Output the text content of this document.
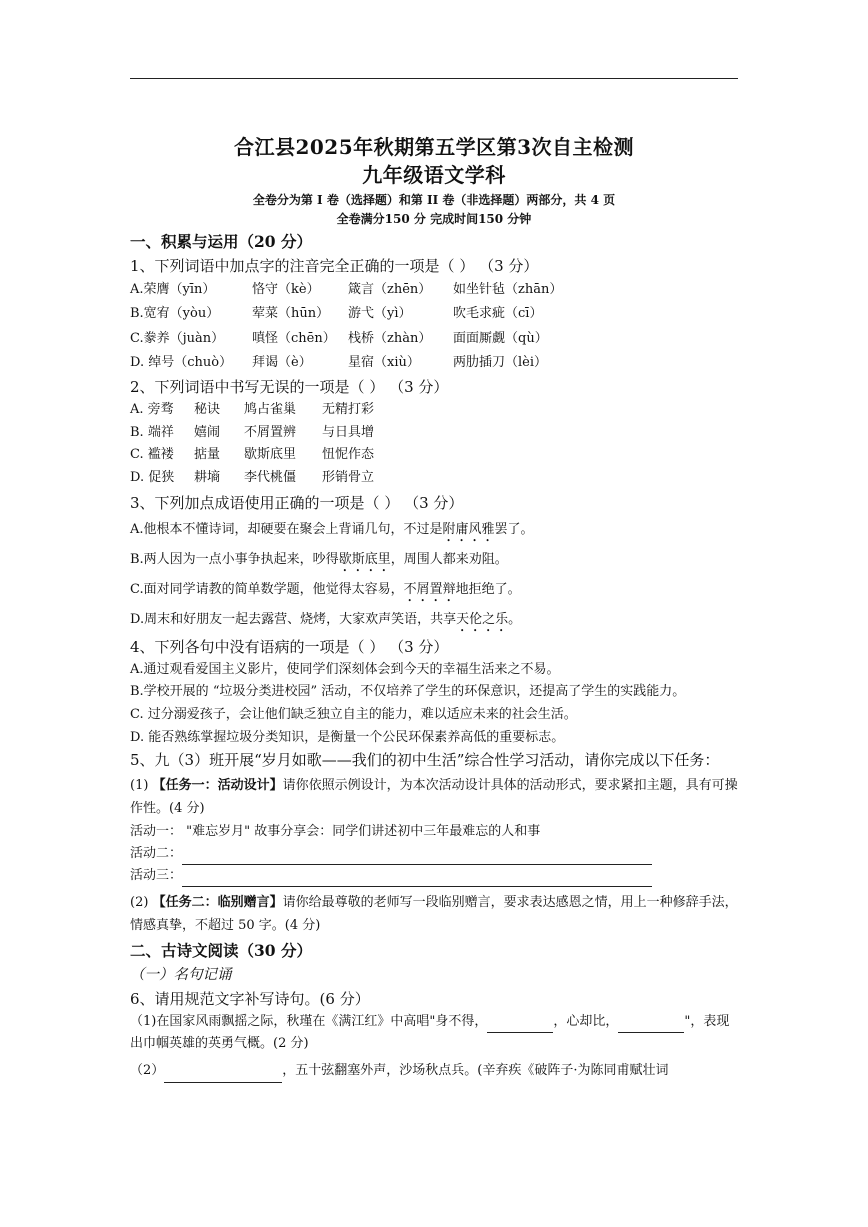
合江县2025年秋期第五学区第3次自主检测
九年级语文学科
全卷分为第 I 卷（选择题）和第 II 卷（非选择题）两部分，共 4 页
全卷满分150 分 完成时间150 分钟
一、积累与运用（20 分）
1、下列词语中加点字的注音完全正确的一项是（ ） （3 分）
A.荣膺（yīn）	恪守（kè） 箴言（zhēn） 如坐针毡（zhān）
B.宽宥（yòu）	荤菜（hūn） 游弋（yì）	吹毛求疵（cī）
C.豢养（juàn） 嗔怪（chēn） 栈桥（zhàn） 面面厮觑（qù）
D. 绰号（chuò） 拜谒（è）	星宿（xiù）	两肋插刀（lèi）
2、下列词语中书写无误的一项是（ ） （3 分）
A. 旁骛 秘诀 鸠占雀巢 无精打彩
B. 端祥 嬉闹 不屑置辨 与日具增
C. 褴褛 掂量 歇斯底里 忸怩作态
D. 促狭 耕墒 李代桃僵 形销骨立
3、下列加点成语使用正确的一项是（ ） （3 分）
A.他根本不懂诗词，却硬要在聚会上背诵几句，不过是附庸风雅罢了。
B.两人因为一点小事争执起来，吵得歇斯底里，周围人都来劝阻。
C.面对同学请教的简单数学题，他觉得太容易，不屑置辩地拒绝了。
D.周末和好朋友一起去露营、烧烤，大家欢声笑语，共享天伦之乐。
4、下列各句中没有语病的一项是（ ） （3 分）
A.通过观看爱国主义影片，使同学们深刻体会到今天的幸福生活来之不易。
B.学校开展的 “垃圾分类进校园” 活动，不仅培养了学生的环保意识，还提高了学生的实践能力。
C. 过分溺爱孩子，会让他们缺乏独立自主的能力，难以适应未来的社会生活。
D. 能否熟练掌握垃圾分类知识，是衡量一个公民环保素养高低的重要标志。
5、九（3）班开展“岁月如歌——我们的初中生活”综合性学习活动，请你完成以下任务：
(1) 【任务一：活动设计】请你依照示例设计，为本次活动设计具体的活动形式，要求紧扣主题，具有可操作性。(4 分)
活动一： "难忘岁月" 故事分享会：同学们讲述初中三年最难忘的人和事
活动二：
活动三：
(2) 【任务二：临别赠言】请你给最尊敬的老师写一段临别赠言，要求表达感恩之情，用上一种修辞手法，情感真挚，不超过 50 字。(4 分)
二、古诗文阅读（30 分）
（一）名句记诵
6、请用规范文字补写诗句。(6 分）
（1)在国家风雨飘摇之际，秋瑾在《满江红》中高唱"身不得，	，心却比，	"，表现出巾帼英雄的英勇气概。(2 分)
（2）	，五十弦翻塞外声，沙场秋点兵。(辛弃疾《破阵子·为陈同甫赋壮词
